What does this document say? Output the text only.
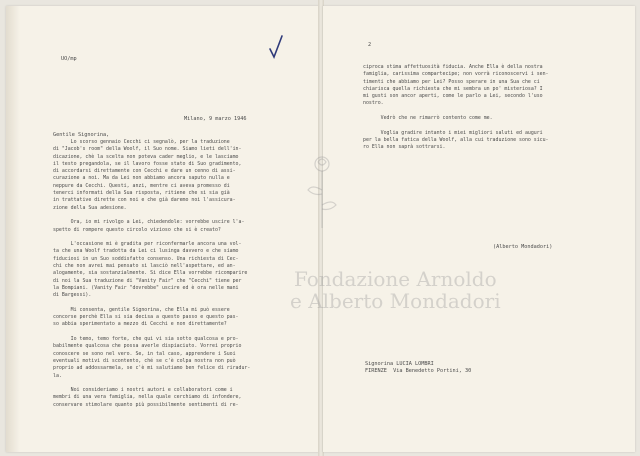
UO/mp
Milano, 9 marzo 1946
Gentile Signorina,
Lo scorso gennaio Cecchi ci segnalò, per la traduzione
di "Jacob's room" della Woolf, il Suo nome. Siamo lieti dell'in-
dicazione, chè la scelta non poteva cader meglio, e le lasciamo
il testo pregandola, se il lavoro fosse stato di Suo gradimento,
di accordarsi direttamente con Cecchi e dare un cenno di assi-
curazione a noi. Ma da Lei non abbiamo ancora saputo nulla e
neppure da Cecchi. Questi, anzi, mentre ci aveva promesso di
tenerci informati della Sua risposta, ritiene che si sia già
in trattative dirette con noi e che già daremo noi l'assicura-
zione della Sua adesione.

Ora, io mi rivolgo a Lei, chiedendole: vorrebbe uscire l'a-
spetto di rompere questo circolo vizioso che si è creato?

L'occasione mi è gradita per riconfermarle ancora una vol-
ta che una Woolf tradotta da Lei ci lusinga davvero e che siamo
fiduciosi in un Suo soddisfatto consenso. Una richiesta di Cec-
chi che non avrei mai pensato si lasciò nell'aspettare, ed an-
alogamente, sia sostanzialmente. Si dice Ella vorrebbe ricomparire
di noi la Sua traduzione di "Vanity Fair" che "Cecchi" tiene per
la Bompiani. (Vanity Fair "dovrebbe" uscire ed è ora nelle mani
di Bargessi).

Mi consenta, gentile Signorina, che Ella mi può essere
concorse perchè Ella si sia decisa a questo passo e questo pas-
so abbia sperimentato a mezzo di Cecchi e non direttamente?

Io temo, temo forte, che qui vi sia sotto qualcosa e pro-
babilmente qualcosa che possa averle dispiaciuto. Vorrei proprio
conoscere se sono nel vero. Se, in tal caso, apprendere i Suoi
eventuali motivi di scontento, ché se c'è colpa nostra non può
proprio ad addossarmela, se c'è mi salutiamo ben felice di riradur-
la.

Noi consideriamo i nostri autori e collaboratori come i
membri di una vera famiglia, nella quale cerchiamo di infondere,
conservare stimolare quanto più possibilmente sentimenti di re-
2
ciproca stima affettuosità fiducia. Anche Ella è della nostra
famiglia, carissima compartecipe; non vorrà riconoscervi i sen-
timenti che abbiamo per Lei? Posso sperare in una Sua che ci
chiarisca quella richiesta che mi sembra un po' misteriosa? I
mi gusti son ancor aperti, come le parlo a Lei, secondo l'uso
nostro.

Vedrò che ne rimarrò contento come me.

Voglia gradire intanto i miei migliori saluti ed auguri
per la bella fatica della Woolf, alla cui traduzione sono sicu-
ro Ella non saprà sottrarsi.
(Alberto Mondadori)
Signorina LUCIA LOMBRI
FIRENZE  Via Benedetto Portini, 30
Fondazione Arnoldo
e Alberto Mondadori
